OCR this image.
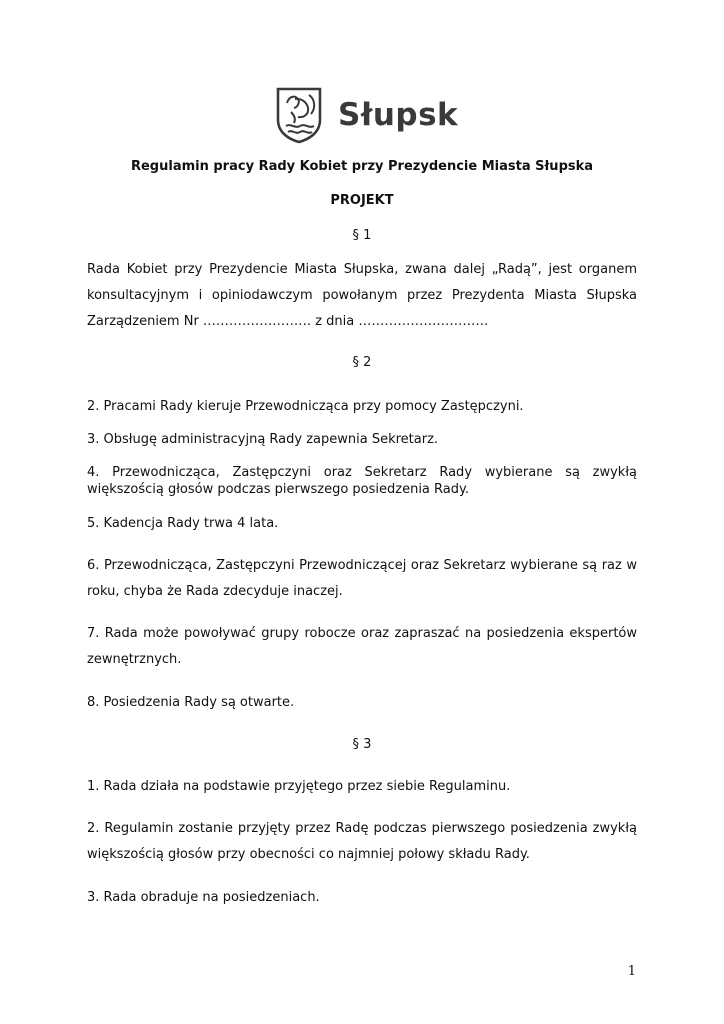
Słupsk
Regulamin pracy Rady Kobiet przy Prezydencie Miasta Słupska
PROJEKT
§ 1
Rada Kobiet przy Prezydencie Miasta Słupska, zwana dalej „Radą”, jest organem konsultacyjnym i opiniodawczym powołanym przez Prezydenta Miasta Słupska Zarządzeniem Nr ……………………. z dnia …………………………
§ 2
2. Pracami Rady kieruje Przewodnicząca przy pomocy Zastępczyni.
3. Obsługę administracyjną Rady zapewnia Sekretarz.
4. Przewodnicząca, Zastępczyni oraz Sekretarz Rady wybierane są zwykłą większością głosów podczas pierwszego posiedzenia Rady.
5. Kadencja Rady trwa 4 lata.
6. Przewodnicząca, Zastępczyni Przewodniczącej oraz Sekretarz wybierane są raz w roku, chyba że Rada zdecyduje inaczej.
7. Rada może powoływać grupy robocze oraz zapraszać na posiedzenia ekspertów zewnętrznych.
8. Posiedzenia Rady są otwarte.
§ 3
1. Rada działa na podstawie przyjętego przez siebie Regulaminu.
2. Regulamin zostanie przyjęty przez Radę podczas pierwszego posiedzenia zwykłą większością głosów przy obecności co najmniej połowy składu Rady.
3. Rada obraduje na posiedzeniach.
1
